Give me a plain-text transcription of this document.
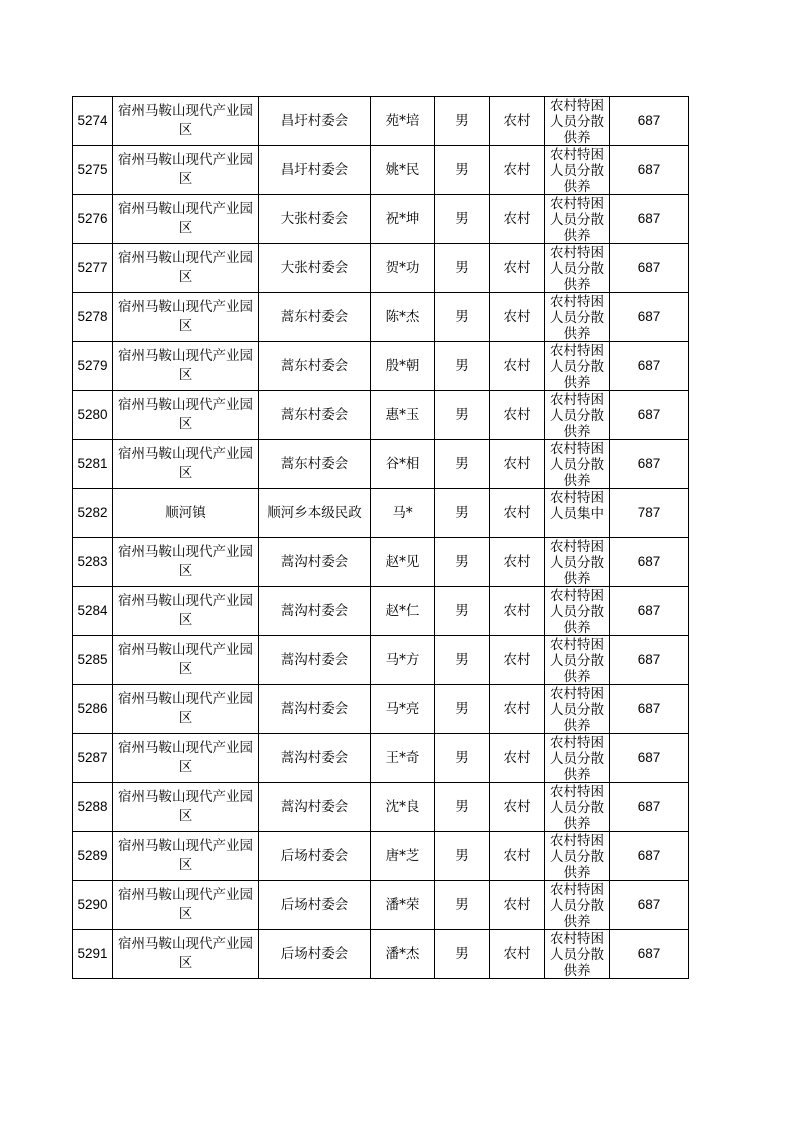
5274	宿州马鞍山现代产业园区	昌圩村委会	苑*培	男	农村	农村特困人员分散供养	687
5275	宿州马鞍山现代产业园区	昌圩村委会	姚*民	男	农村	农村特困人员分散供养	687
5276	宿州马鞍山现代产业园区	大张村委会	祝*坤	男	农村	农村特困人员分散供养	687
5277	宿州马鞍山现代产业园区	大张村委会	贺*功	男	农村	农村特困人员分散供养	687
5278	宿州马鞍山现代产业园区	蒿东村委会	陈*杰	男	农村	农村特困人员分散供养	687
5279	宿州马鞍山现代产业园区	蒿东村委会	殷*朝	男	农村	农村特困人员分散供养	687
5280	宿州马鞍山现代产业园区	蒿东村委会	惠*玉	男	农村	农村特困人员分散供养	687
5281	宿州马鞍山现代产业园区	蒿东村委会	谷*相	男	农村	农村特困人员分散供养	687
5282	顺河镇	顺河乡本级民政	马*	男	农村	农村特困人员集中	787
5283	宿州马鞍山现代产业园区	蒿沟村委会	赵*见	男	农村	农村特困人员分散供养	687
5284	宿州马鞍山现代产业园区	蒿沟村委会	赵*仁	男	农村	农村特困人员分散供养	687
5285	宿州马鞍山现代产业园区	蒿沟村委会	马*方	男	农村	农村特困人员分散供养	687
5286	宿州马鞍山现代产业园区	蒿沟村委会	马*亮	男	农村	农村特困人员分散供养	687
5287	宿州马鞍山现代产业园区	蒿沟村委会	王*奇	男	农村	农村特困人员分散供养	687
5288	宿州马鞍山现代产业园区	蒿沟村委会	沈*良	男	农村	农村特困人员分散供养	687
5289	宿州马鞍山现代产业园区	后场村委会	唐*芝	男	农村	农村特困人员分散供养	687
5290	宿州马鞍山现代产业园区	后场村委会	潘*荣	男	农村	农村特困人员分散供养	687
5291	宿州马鞍山现代产业园区	后场村委会	潘*杰	男	农村	农村特困人员分散供养	687
